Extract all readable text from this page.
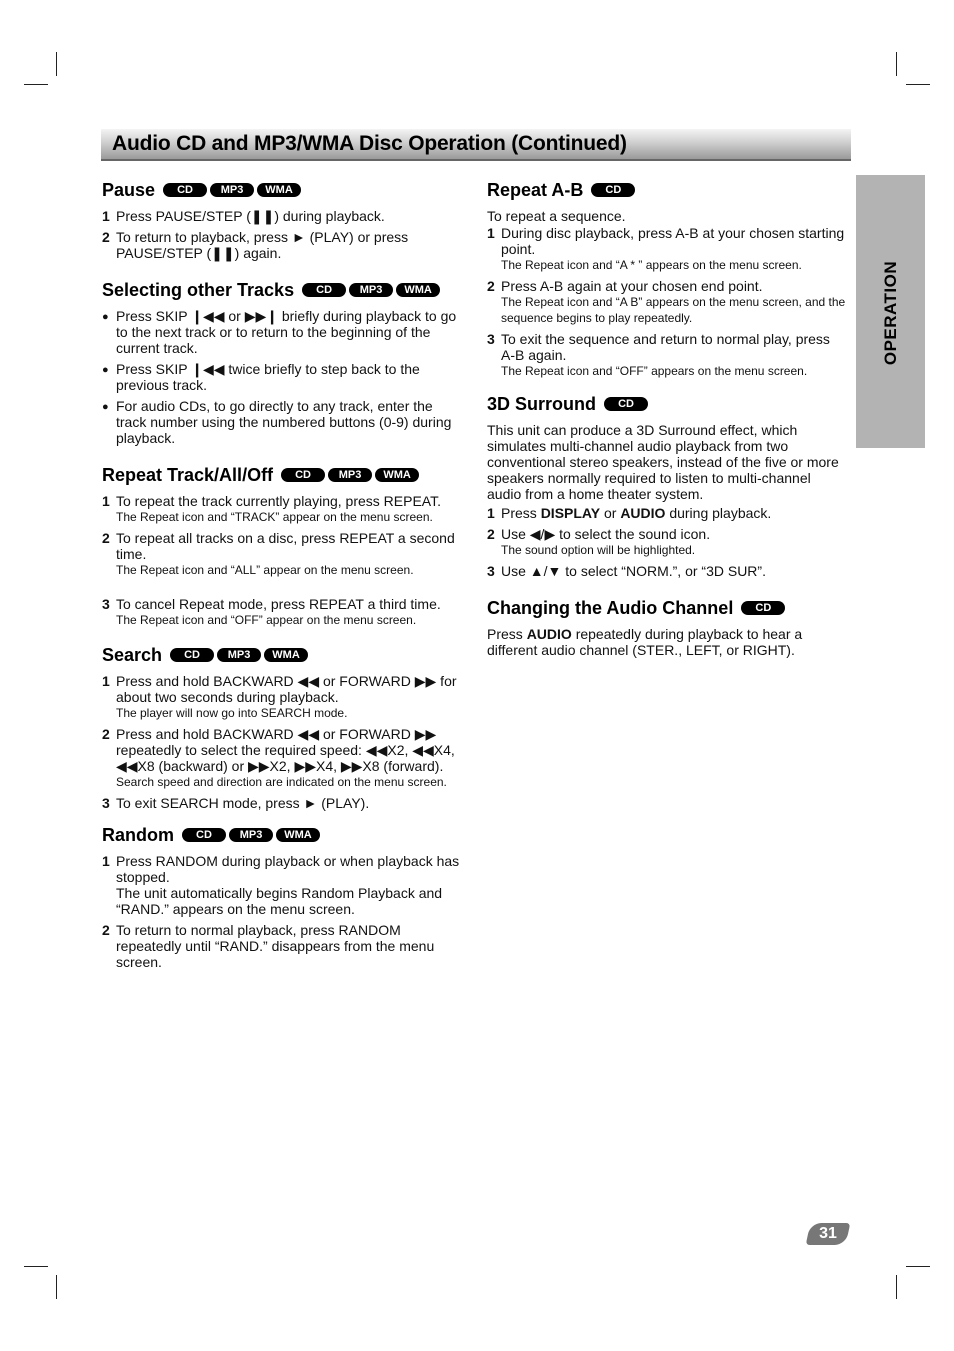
Audio CD and MP3/WMA Disc Operation (Continued)
OPERATION
Pause	CD	MP3	WMA
1 Press PAUSE/STEP (❚❚) during playback.
2 To return to playback, press ► (PLAY) or press PAUSE/STEP (❚❚) again.
Selecting other Tracks	CD	MP3	WMA
● Press SKIP ❙◀◀ or ▶▶❙ briefly during playback to go to the next track or to return to the beginning of the current track.
● Press SKIP ❙◀◀ twice briefly to step back to the previous track.
● For audio CDs, to go directly to any track, enter the track number using the numbered buttons (0-9) during playback.
Repeat Track/All/Off	CD	MP3	WMA
1 To repeat the track currently playing, press REPEAT.
The Repeat icon and “TRACK” appear on the menu screen.
2 To repeat all tracks on a disc, press REPEAT a second time.
The Repeat icon and “ALL” appear on the menu screen.
3 To cancel Repeat mode, press REPEAT a third time.
The Repeat icon and “OFF” appear on the menu screen.
Search	CD	MP3	WMA
1 Press and hold BACKWARD ◀◀ or FORWARD ▶▶ for about two seconds during playback.
The player will now go into SEARCH mode.
2 Press and hold BACKWARD ◀◀ or FORWARD ▶▶ repeatedly to select the required speed: ◀◀X2, ◀◀X4, ◀◀X8 (backward) or ▶▶X2, ▶▶X4, ▶▶X8 (forward).
Search speed and direction are indicated on the menu screen.
3 To exit SEARCH mode, press ► (PLAY).
Random	CD	MP3	WMA
1 Press RANDOM during playback or when playback has stopped.
The unit automatically begins Random Playback and “RAND.” appears on the menu screen.
2 To return to normal playback, press RANDOM repeatedly until “RAND.” disappears from the menu screen.
Repeat A-B	CD

To repeat a sequence.

1 During disc playback, press A-B at your chosen starting point.
The Repeat icon and “A * ” appears on the menu screen.
2 Press A-B again at your chosen end point.
The Repeat icon and “A B” appears on the menu screen, and the sequence begins to play repeatedly.
3 To exit the sequence and return to normal play, press A-B again.
The Repeat icon and “OFF” appears on the menu screen.
3D Surround	CD

This unit can produce a 3D Surround effect, which simulates multi-channel audio playback from two conventional stereo speakers, instead of the five or more speakers normally required to listen to multi-channel audio from a home theater system.

1 Press DISPLAY or AUDIO during playback.
2 Use ◀/▶ to select the sound icon.
The sound option will be highlighted.
3 Use ▲/▼ to select “NORM.”, or “3D SUR”.
Changing the Audio Channel	CD

Press AUDIO repeatedly during playback to hear a different audio channel (STER., LEFT, or RIGHT).

31
